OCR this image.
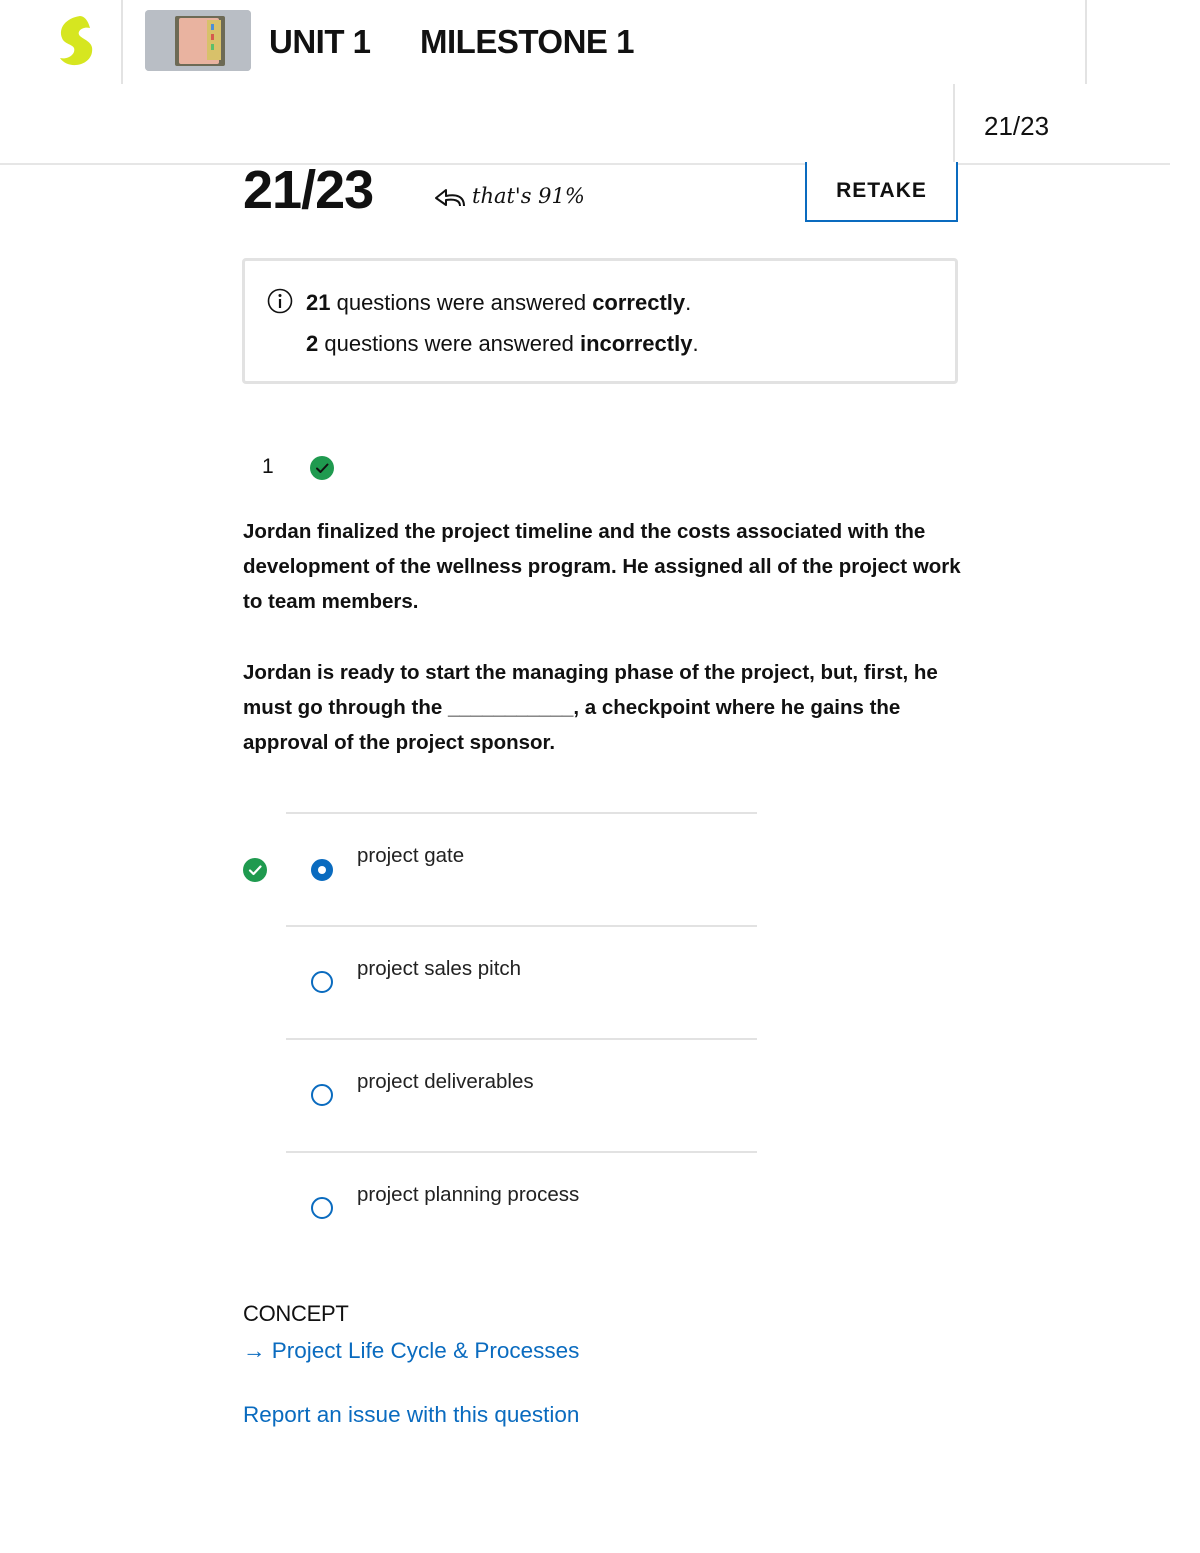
UNIT 1 MILESTONE 1
21/23
21/23	that's 91%	RETAKE
21 questions were answered correctly.
2 questions were answered incorrectly.
1
Jordan finalized the project timeline and the costs associated with the development of the wellness program. He assigned all of the project work to team members.
Jordan is ready to start the managing phase of the project, but, first, he must go through the ___________, a checkpoint where he gains the approval of the project sponsor.
project gate
project sales pitch
project deliverables
project planning process
CONCEPT
→ Project Life Cycle & Processes
Report an issue with this question
